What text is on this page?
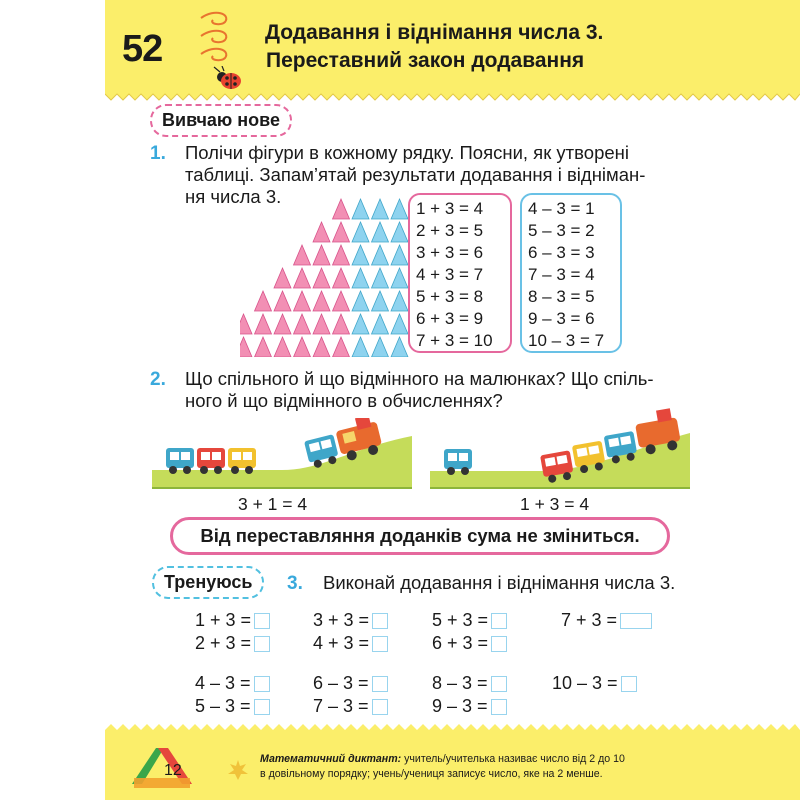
52	Додавання і віднімання числа 3.
Переставний закон додавання
Вивчаю нове
1. Полічи фігури в кожному рядку. Поясни, як утворені
таблиці. Запам’ятай результати додавання і відніман-
ня числа 3.
1 + 3 = 4
2 + 3 = 5
3 + 3 = 6
4 + 3 = 7
5 + 3 = 8
6 + 3 = 9
7 + 3 = 10
4 – 3 = 1
5 – 3 = 2
6 – 3 = 3
7 – 3 = 4
8 – 3 = 5
9 – 3 = 6
10 – 3 = 7
2. Що спільного й що відмінного на малюнках? Що спіль-
ного й що відмінного в обчисленнях?
3 + 1 = 4	1 + 3 = 4
Від переставляння доданків сума не зміниться.
Тренуюсь	3. Виконай додавання і віднімання числа 3.
1 + 3 =
2 + 3 =
3 + 3 =
4 + 3 =
5 + 3 =
6 + 3 =
7 + 3 =
4 – 3 =
5 – 3 =
6 – 3 =
7 – 3 =
8 – 3 =
9 – 3 =
10 – 3 =
12
Математичний диктант: учитель/учителька називає число від 2 до 10
в довільному порядку; учень/учениця записує число, яке на 2 менше.
